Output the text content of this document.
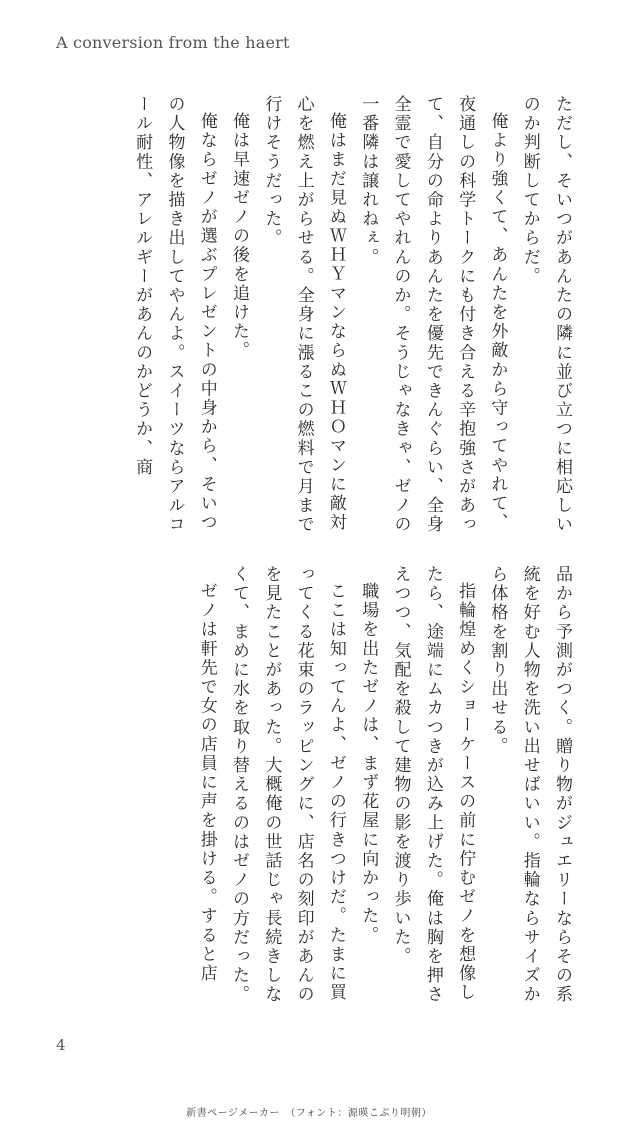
A conversion from the haert

ただし、そいつがあんたの隣に並び立つに相応しいのか判断してからだ。

俺より強くて、あんたを外敵から守ってやれて、夜通しの科学トークにも付き合える辛抱強さがあって、自分の命よりあんたを優先できんぐらい、全身全霊で愛してやれんのか。そうじゃなきゃ、ゼノの一番隣は譲れねぇ。

俺はまだ見ぬＷＨＹマンならぬＷＨＯマンに敵対心を燃え上がらせる。全身に漲るこの燃料で月まで行けそうだった。

俺は早速ゼノの後を追けた。

俺ならゼノが選ぶプレゼントの中身から、そいつの人物像を描き出してやんよ。スイーツならアルコール耐性、アレルギーがあんのかどうか、商

品から予測がつく。贈り物がジュエリーならその系統を好む人物を洗い出せばいい。指輪ならサイズから体格を割り出せる。

指輪煌めくショーケースの前に佇むゼノを想像したら、途端にムカつきが込み上げた。俺は胸を押さえつつ、気配を殺して建物の影を渡り歩いた。

職場を出たゼノは、まず花屋に向かった。

ここは知ってんよ、ゼノの行きつけだ。たまに買ってくる花束のラッピングに、店名の刻印があんのを見たことがあった。大概俺の世話じゃ長続きしなくて、まめに水を取り替えるのはゼノの方だった。

ゼノは軒先で女の店員に声を掛ける。すると店

4
新書ページメーカー　（フォント：源暎こぶり明朝）
